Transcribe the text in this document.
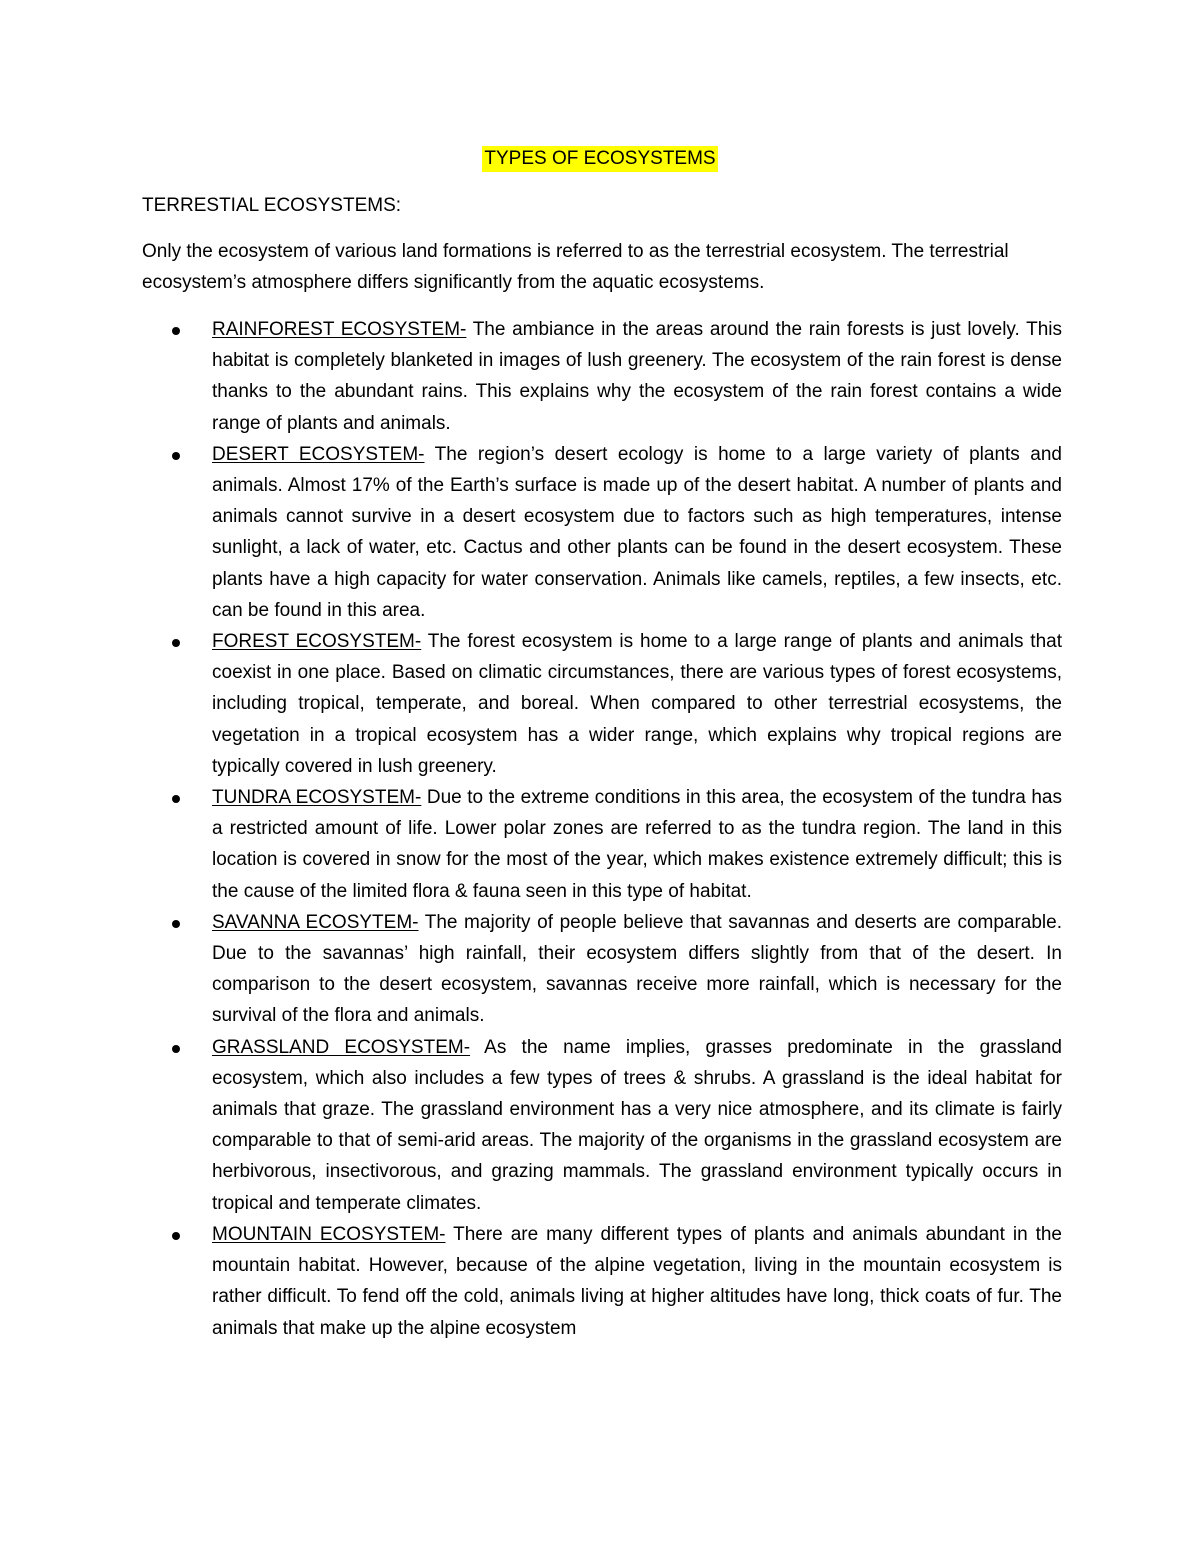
TYPES OF ECOSYSTEMS
TERRESTIAL ECOSYSTEMS:

Only the ecosystem of various land formations is referred to as the terrestrial ecosystem. The terrestrial ecosystem’s atmosphere differs significantly from the aquatic ecosystems.

RAINFOREST ECOSYSTEM- The ambiance in the areas around the rain forests is just lovely. This habitat is completely blanketed in images of lush greenery. The ecosystem of the rain forest is dense thanks to the abundant rains. This explains why the ecosystem of the rain forest contains a wide range of plants and animals.
DESERT ECOSYSTEM- The region’s desert ecology is home to a large variety of plants and animals. Almost 17% of the Earth’s surface is made up of the desert habitat. A number of plants and animals cannot survive in a desert ecosystem due to factors such as high temperatures, intense sunlight, a lack of water, etc. Cactus and other plants can be found in the desert ecosystem. These plants have a high capacity for water conservation. Animals like camels, reptiles, a few insects, etc. can be found in this area.
FOREST ECOSYSTEM- The forest ecosystem is home to a large range of plants and animals that coexist in one place. Based on climatic circumstances, there are various types of forest ecosystems, including tropical, temperate, and boreal. When compared to other terrestrial ecosystems, the vegetation in a tropical ecosystem has a wider range, which explains why tropical regions are typically covered in lush greenery.
TUNDRA ECOSYSTEM- Due to the extreme conditions in this area, the ecosystem of the tundra has a restricted amount of life. Lower polar zones are referred to as the tundra region. The land in this location is covered in snow for the most of the year, which makes existence extremely difficult; this is the cause of the limited flora & fauna seen in this type of habitat.
SAVANNA ECOSYTEM- The majority of people believe that savannas and deserts are comparable. Due to the savannas’ high rainfall, their ecosystem differs slightly from that of the desert. In comparison to the desert ecosystem, savannas receive more rainfall, which is necessary for the survival of the flora and animals.
GRASSLAND ECOSYSTEM- As the name implies, grasses predominate in the grassland ecosystem, which also includes a few types of trees & shrubs. A grassland is the ideal habitat for animals that graze. The grassland environment has a very nice atmosphere, and its climate is fairly comparable to that of semi-arid areas. The majority of the organisms in the grassland ecosystem are herbivorous, insectivorous, and grazing mammals. The grassland environment typically occurs in tropical and temperate climates.
MOUNTAIN ECOSYSTEM- There are many different types of plants and animals abundant in the mountain habitat. However, because of the alpine vegetation, living in the mountain ecosystem is rather difficult. To fend off the cold, animals living at higher altitudes have long, thick coats of fur. The animals that make up the alpine ecosystem
